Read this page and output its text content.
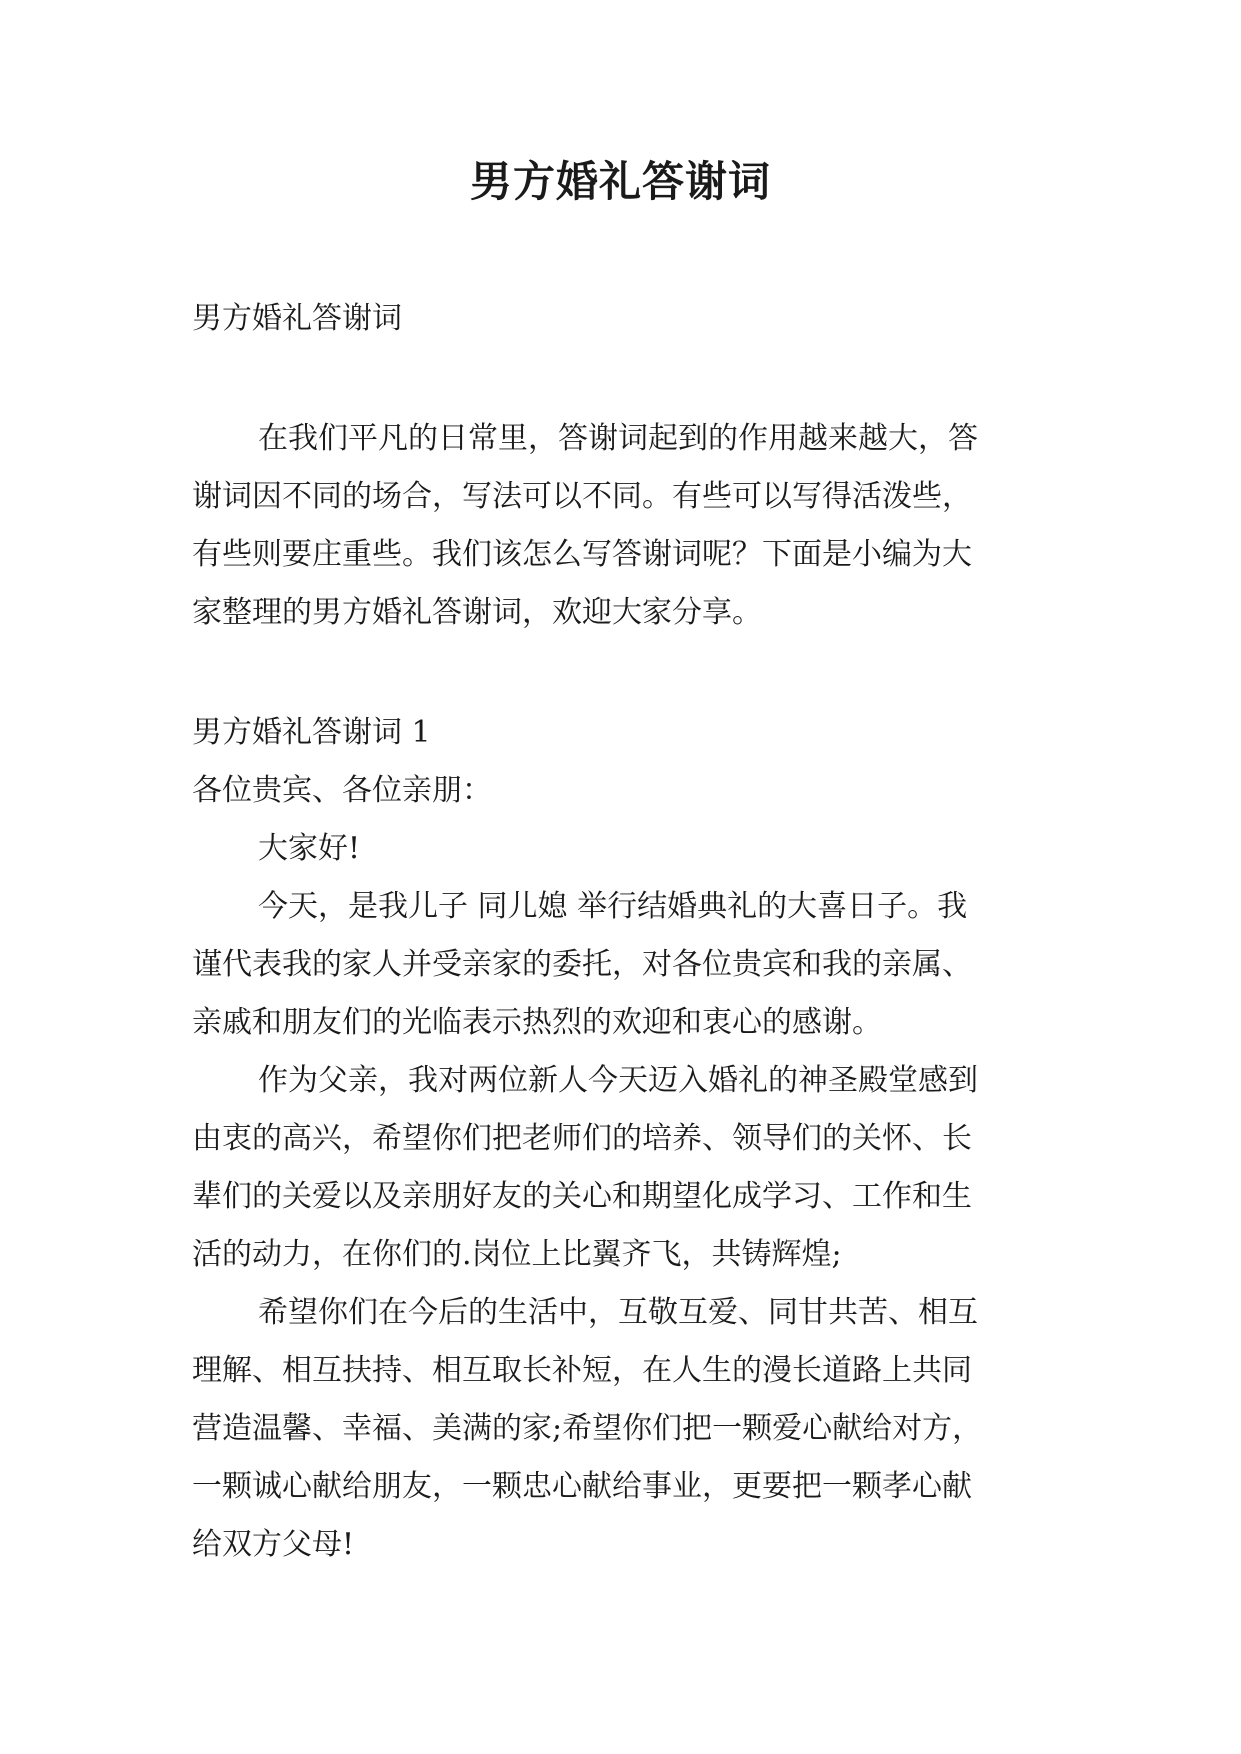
男方婚礼答谢词

男方婚礼答谢词

在我们平凡的日常里，答谢词起到的作用越来越大，答

谢词因不同的场合，写法可以不同。有些可以写得活泼些，

有些则要庄重些。我们该怎么写答谢词呢？下面是小编为大

家整理的男方婚礼答谢词，欢迎大家分享。

男方婚礼答谢词 1

各位贵宾、各位亲朋：

大家好!

今天，是我儿子 同儿媳 举行结婚典礼的大喜日子。我

谨代表我的家人并受亲家的委托，对各位贵宾和我的亲属、

亲戚和朋友们的光临表示热烈的欢迎和衷心的感谢。

作为父亲，我对两位新人今天迈入婚礼的神圣殿堂感到

由衷的高兴，希望你们把老师们的培养、领导们的关怀、长

辈们的关爱以及亲朋好友的关心和期望化成学习、工作和生

活的动力，在你们的.岗位上比翼齐飞，共铸辉煌;

希望你们在今后的生活中，互敬互爱、同甘共苦、相互

理解、相互扶持、相互取长补短，在人生的漫长道路上共同

营造温馨、幸福、美满的家;希望你们把一颗爱心献给对方，

一颗诚心献给朋友，一颗忠心献给事业，更要把一颗孝心献

给双方父母!
